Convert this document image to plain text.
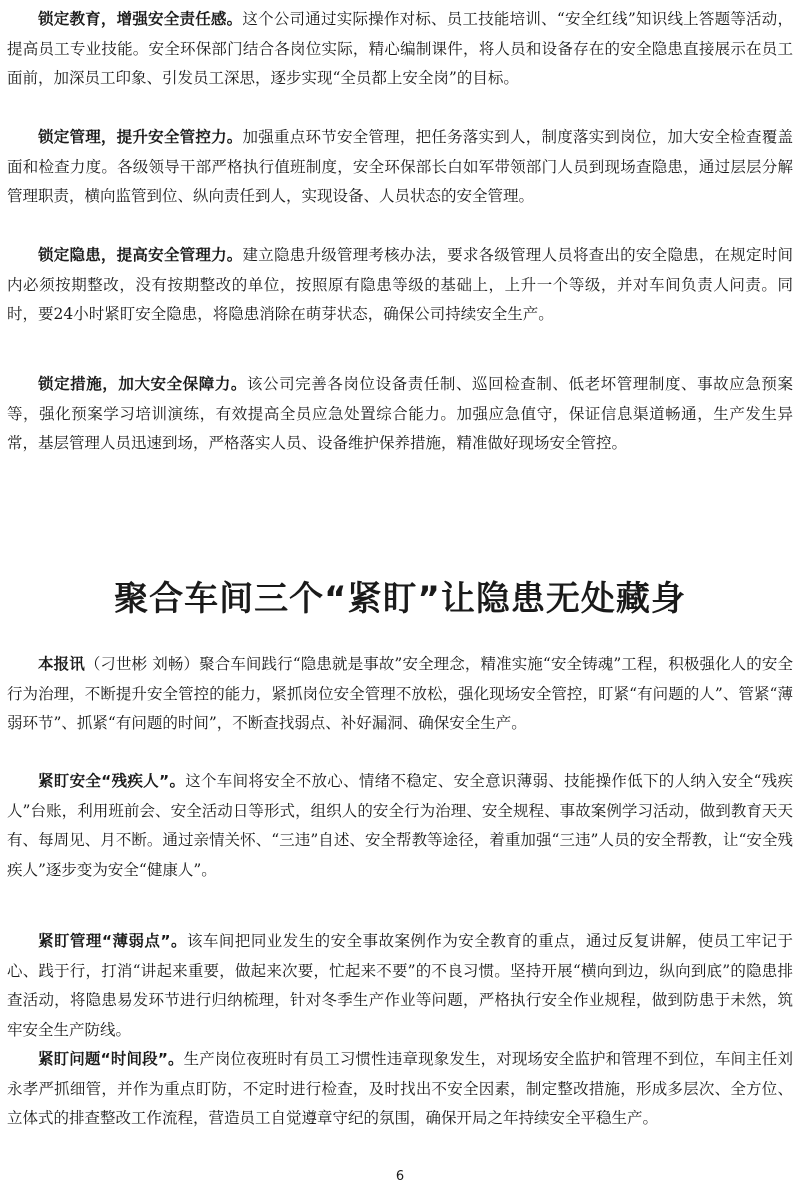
锁定教育，增强安全责任感。这个公司通过实际操作对标、员工技能培训、“安全红线”知识线上答题等活动，提高员工专业技能。安全环保部门结合各岗位实际，精心编制课件，将人员和设备存在的安全隐患直接展示在员工面前，加深员工印象、引发员工深思，逐步实现“全员都上安全岗”的目标。

锁定管理，提升安全管控力。加强重点环节安全管理，把任务落实到人，制度落实到岗位，加大安全检查覆盖面和检查力度。各级领导干部严格执行值班制度，安全环保部长白如军带领部门人员到现场查隐患，通过层层分解管理职责，横向监管到位、纵向责任到人，实现设备、人员状态的安全管理。

锁定隐患，提高安全管理力。建立隐患升级管理考核办法，要求各级管理人员将查出的安全隐患，在规定时间内必须按期整改，没有按期整改的单位，按照原有隐患等级的基础上，上升一个等级，并对车间负责人问责。同时，要24小时紧盯安全隐患，将隐患消除在萌芽状态，确保公司持续安全生产。

锁定措施，加大安全保障力。该公司完善各岗位设备责任制、巡回检查制、低老坏管理制度、事故应急预案等，强化预案学习培训演练，有效提高全员应急处置综合能力。加强应急值守，保证信息渠道畅通，生产发生异常，基层管理人员迅速到场，严格落实人员、设备维护保养措施，精准做好现场安全管控。

聚合车间三个“紧盯”让隐患无处藏身

本报讯（刁世彬 刘畅）聚合车间践行“隐患就是事故”安全理念，精准实施“安全铸魂”工程，积极强化人的安全行为治理，不断提升安全管控的能力，紧抓岗位安全管理不放松，强化现场安全管控，盯紧“有问题的人”、管紧“薄弱环节”、抓紧“有问题的时间”，不断查找弱点、补好漏洞、确保安全生产。

紧盯安全“残疾人”。这个车间将安全不放心、情绪不稳定、安全意识薄弱、技能操作低下的人纳入安全“残疾人”台账，利用班前会、安全活动日等形式，组织人的安全行为治理、安全规程、事故案例学习活动，做到教育天天有、每周见、月不断。通过亲情关怀、“三违”自述、安全帮教等途径，着重加强“三违”人员的安全帮教，让“安全残疾人”逐步变为安全“健康人”。

紧盯管理“薄弱点”。该车间把同业发生的安全事故案例作为安全教育的重点，通过反复讲解，使员工牢记于心、践于行，打消“讲起来重要，做起来次要，忙起来不要”的不良习惯。坚持开展“横向到边，纵向到底”的隐患排查活动，将隐患易发环节进行归纳梳理，针对冬季生产作业等问题，严格执行安全作业规程，做到防患于未然，筑牢安全生产防线。

紧盯问题“时间段”。生产岗位夜班时有员工习惯性违章现象发生，对现场安全监护和管理不到位，车间主任刘永孝严抓细管，并作为重点盯防，不定时进行检查，及时找出不安全因素，制定整改措施，形成多层次、全方位、立体式的排查整改工作流程，营造员工自觉遵章守纪的氛围，确保开局之年持续安全平稳生产。

6
